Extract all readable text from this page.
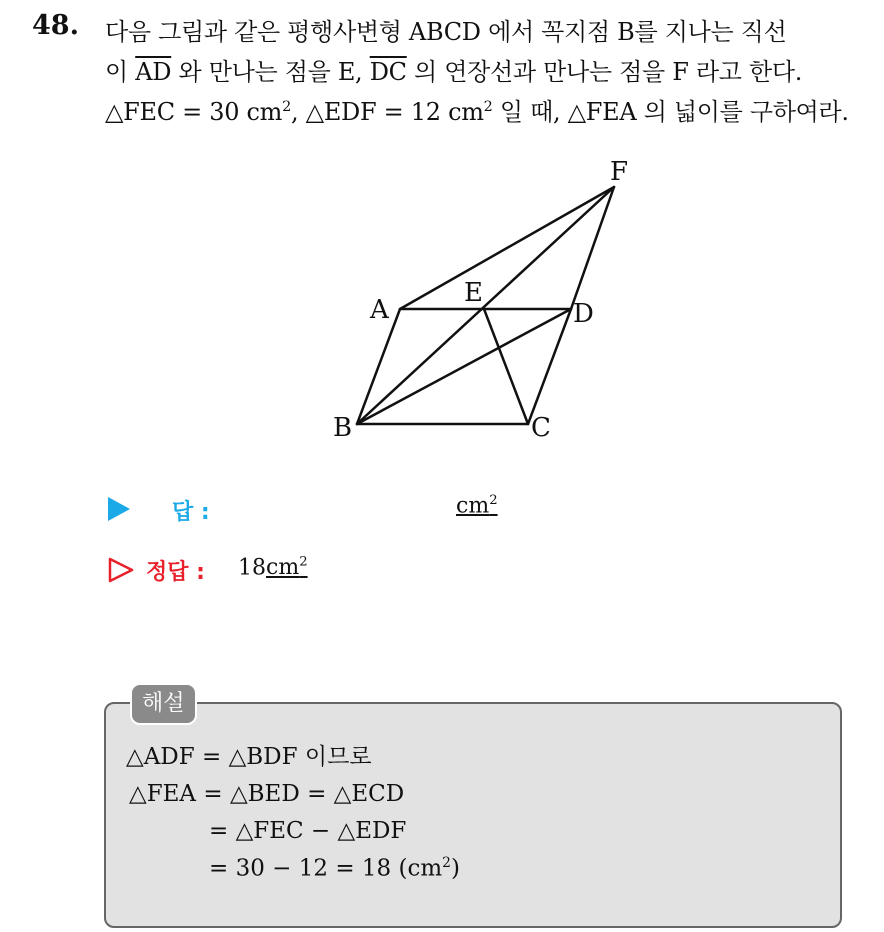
48. 다음 그림과 같은 평행사변형 ABCD 에서 꼭지점 B를 지나는 직선
이 $\overline{AD}$ 와 만나는 점을 E, $\overline{DC}$ 의 연장선과 만나는 점을 F 라고 한다.
△FEC = 30 $cm^2$, △EDF = 12 $cm^2$ 일 때, △FEA 의 넓이를 구하여라.
F
A
E
D
B	C
답 :	$cm^2$
정답 : $18cm^2$
해설
△ADF = △BDF 이므로
△FEA = △BED = △ECD
= △FEC − △EDF
= 30 − 12 = 18 $(cm^2)$
